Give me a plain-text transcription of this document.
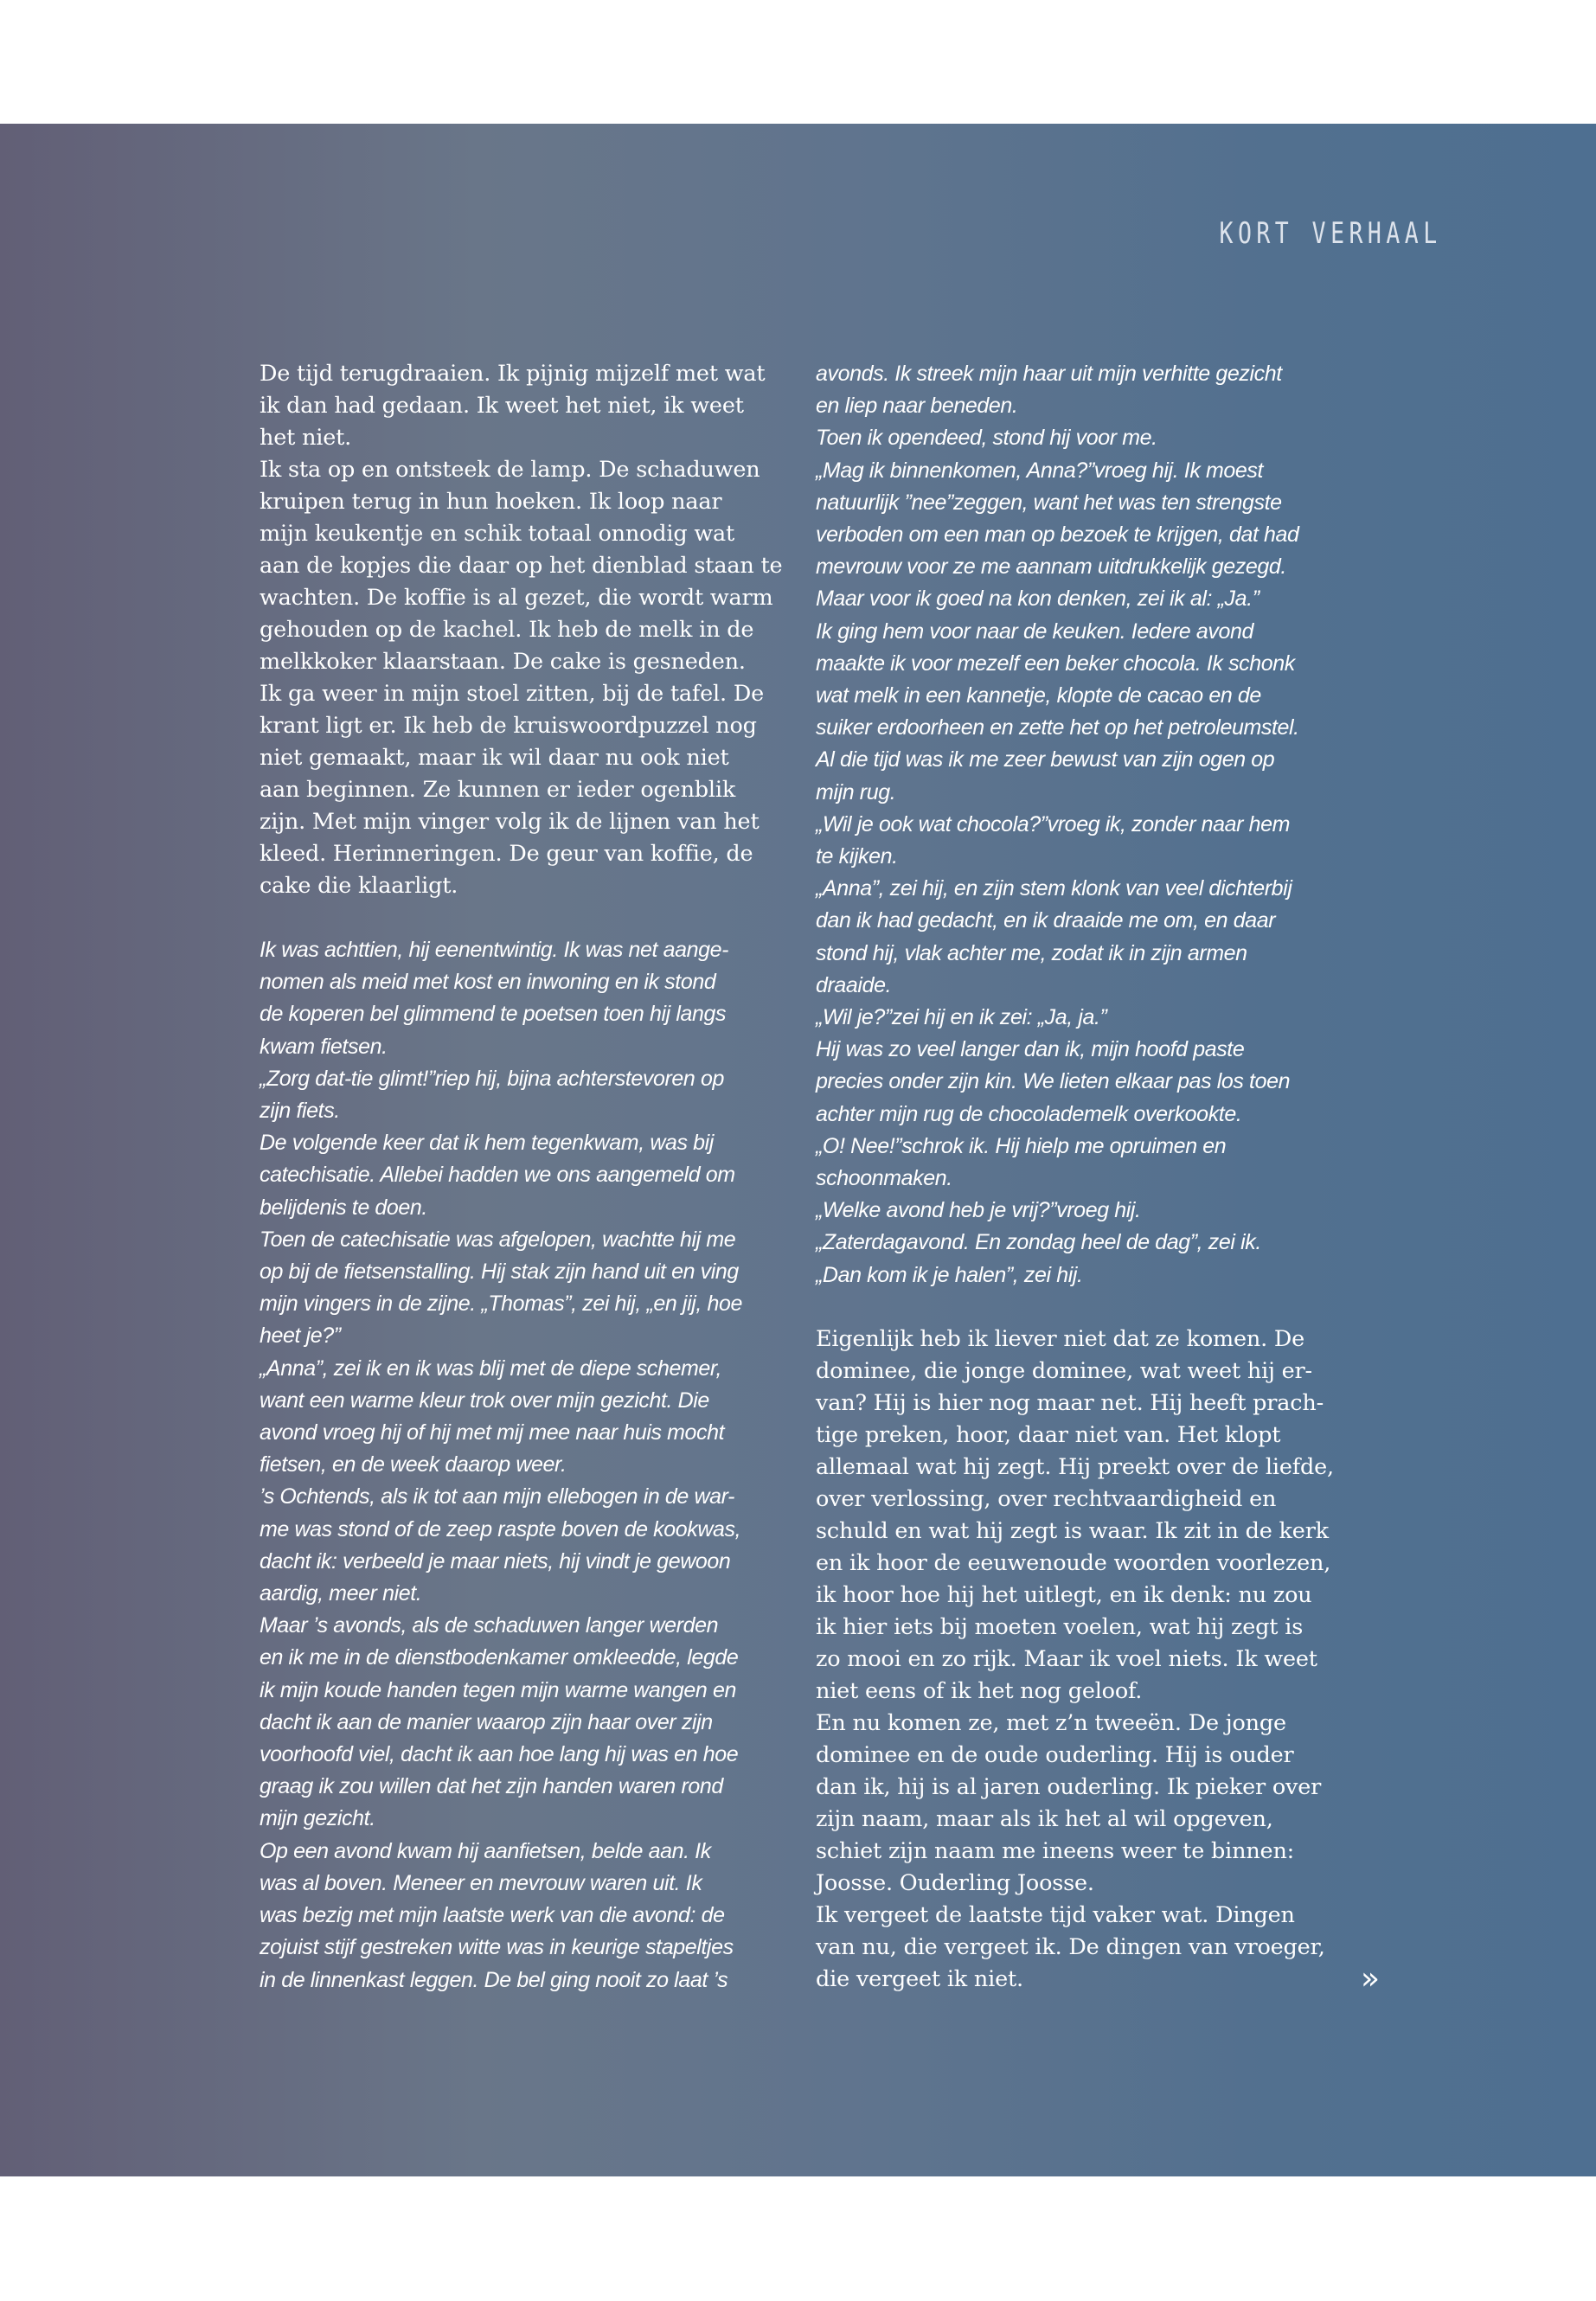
KORT VERHAAL

De tijd terugdraaien. Ik pijnig mijzelf met wat
ik dan had gedaan. Ik weet het niet, ik weet
het niet.

Ik sta op en ontsteek de lamp. De schaduwen
kruipen terug in hun hoeken. Ik loop naar
mijn keukentje en schik totaal onnodig wat
aan de kopjes die daar op het dienblad staan te
wachten. De koffie is al gezet, die wordt warm
gehouden op de kachel. Ik heb de melk in de
melkkoker klaarstaan. De cake is gesneden.

Ik ga weer in mijn stoel zitten, bij de tafel. De
krant ligt er. Ik heb de kruiswoordpuzzel nog
niet gemaakt, maar ik wil daar nu ook niet
aan beginnen. Ze kunnen er ieder ogenblik
zijn. Met mijn vinger volg ik de lijnen van het
kleed. Herinneringen. De geur van koffie, de
cake die klaarligt.

Ik was achttien, hij eenentwintig. Ik was net aange-
nomen als meid met kost en inwoning en ik stond
de koperen bel glimmend te poetsen toen hij langs
kwam fietsen.

„Zorg dat-tie glimt!”riep hij, bijna achterstevoren op
zijn fiets.

De volgende keer dat ik hem tegenkwam, was bij
catechisatie. Allebei hadden we ons aangemeld om
belijdenis te doen.

Toen de catechisatie was afgelopen, wachtte hij me
op bij de fietsenstalling. Hij stak zijn hand uit en ving
mijn vingers in de zijne. „Thomas”, zei hij, „en jij, hoe
heet je?”

„Anna”, zei ik en ik was blij met de diepe schemer,
want een warme kleur trok over mijn gezicht. Die
avond vroeg hij of hij met mij mee naar huis mocht
fietsen, en de week daarop weer.

’s Ochtends, als ik tot aan mijn ellebogen in de war-
me was stond of de zeep raspte boven de kookwas,
dacht ik: verbeeld je maar niets, hij vindt je gewoon
aardig, meer niet.

Maar ’s avonds, als de schaduwen langer werden
en ik me in de dienstbodenkamer omkleedde, legde
ik mijn koude handen tegen mijn warme wangen en
dacht ik aan de manier waarop zijn haar over zijn
voorhoofd viel, dacht ik aan hoe lang hij was en hoe
graag ik zou willen dat het zijn handen waren rond
mijn gezicht.

Op een avond kwam hij aanfietsen, belde aan. Ik
was al boven. Meneer en mevrouw waren uit. Ik
was bezig met mijn laatste werk van die avond: de
zojuist stijf gestreken witte was in keurige stapeltjes
in de linnenkast leggen. De bel ging nooit zo laat ’s

avonds. Ik streek mijn haar uit mijn verhitte gezicht
en liep naar beneden.

Toen ik opendeed, stond hij voor me.

„Mag ik binnenkomen, Anna?”vroeg hij. Ik moest
natuurlijk ”nee”zeggen, want het was ten strengste
verboden om een man op bezoek te krijgen, dat had
mevrouw voor ze me aannam uitdrukkelijk gezegd.

Maar voor ik goed na kon denken, zei ik al: „Ja.”

Ik ging hem voor naar de keuken. Iedere avond
maakte ik voor mezelf een beker chocola. Ik schonk
wat melk in een kannetje, klopte de cacao en de
suiker erdoorheen en zette het op het petroleumstel.

Al die tijd was ik me zeer bewust van zijn ogen op
mijn rug.

„Wil je ook wat chocola?”vroeg ik, zonder naar hem
te kijken.

„Anna”, zei hij, en zijn stem klonk van veel dichterbij
dan ik had gedacht, en ik draaide me om, en daar
stond hij, vlak achter me, zodat ik in zijn armen
draaide.

„Wil je?”zei hij en ik zei: „Ja, ja.”

Hij was zo veel langer dan ik, mijn hoofd paste
precies onder zijn kin. We lieten elkaar pas los toen
achter mijn rug de chocolademelk overkookte.

„O! Nee!”schrok ik. Hij hielp me opruimen en
schoonmaken.

„Welke avond heb je vrij?”vroeg hij.

„Zaterdagavond. En zondag heel de dag”, zei ik.

„Dan kom ik je halen”, zei hij.

Eigenlijk heb ik liever niet dat ze komen. De
dominee, die jonge dominee, wat weet hij er-
van? Hij is hier nog maar net. Hij heeft prach-
tige preken, hoor, daar niet van. Het klopt
allemaal wat hij zegt. Hij preekt over de liefde,
over verlossing, over rechtvaardigheid en
schuld en wat hij zegt is waar. Ik zit in de kerk
en ik hoor de eeuwenoude woorden voorlezen,
ik hoor hoe hij het uitlegt, en ik denk: nu zou
ik hier iets bij moeten voelen, wat hij zegt is
zo mooi en zo rijk. Maar ik voel niets. Ik weet
niet eens of ik het nog geloof.

En nu komen ze, met z’n tweeën. De jonge
dominee en de oude ouderling. Hij is ouder
dan ik, hij is al jaren ouderling. Ik pieker over
zijn naam, maar als ik het al wil opgeven,
schiet zijn naam me ineens weer te binnen:
Joosse. Ouderling Joosse.

Ik vergeet de laatste tijd vaker wat. Dingen
van nu, die vergeet ik. De dingen van vroeger,
die vergeet ik niet.	»
